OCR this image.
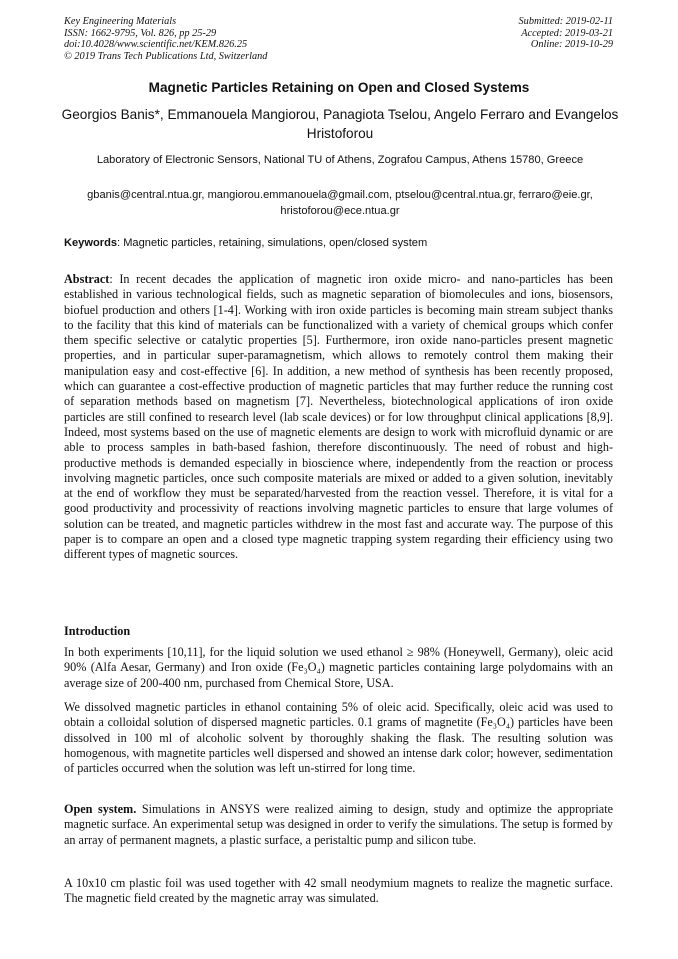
Key Engineering Materials
ISSN: 1662-9795, Vol. 826, pp 25-29
doi:10.4028/www.scientific.net/KEM.826.25
© 2019 Trans Tech Publications Ltd, Switzerland
Submitted: 2019-02-11
Accepted: 2019-03-21
Online: 2019-10-29
Magnetic Particles Retaining on Open and Closed Systems
Georgios Banis*, Emmanouela Mangiorou, Panagiota Tselou, Angelo Ferraro and Evangelos Hristoforou
Laboratory of Electronic Sensors, National TU of Athens, Zografou Campus, Athens 15780, Greece
gbanis@central.ntua.gr, mangiorou.emmanouela@gmail.com, ptselou@central.ntua.gr, ferraro@eie.gr, hristoforou@ece.ntua.gr
Keywords: Magnetic particles, retaining, simulations, open/closed system
Abstract: In recent decades the application of magnetic iron oxide micro- and nano-particles has been established in various technological fields, such as magnetic separation of biomolecules and ions, biosensors, biofuel production and others [1-4]. Working with iron oxide particles is becoming main stream subject thanks to the facility that this kind of materials can be functionalized with a variety of chemical groups which confer them specific selective or catalytic properties [5]. Furthermore, iron oxide nano-particles present magnetic properties, and in particular super-paramagnetism, which allows to remotely control them making their manipulation easy and cost-effective [6]. In addition, a new method of synthesis has been recently proposed, which can guarantee a cost-effective production of magnetic particles that may further reduce the running cost of separation methods based on magnetism [7]. Nevertheless, biotechnological applications of iron oxide particles are still confined to research level (lab scale devices) or for low throughput clinical applications [8,9]. Indeed, most systems based on the use of magnetic elements are design to work with microfluid dynamic or are able to process samples in bath-based fashion, therefore discontinuously. The need of robust and high-productive methods is demanded especially in bioscience where, independently from the reaction or process involving magnetic particles, once such composite materials are mixed or added to a given solution, inevitably at the end of workflow they must be separated/harvested from the reaction vessel. Therefore, it is vital for a good productivity and processivity of reactions involving magnetic particles to ensure that large volumes of solution can be treated, and magnetic particles withdrew in the most fast and accurate way. The purpose of this paper is to compare an open and a closed type magnetic trapping system regarding their efficiency using two different types of magnetic sources.
Introduction
In both experiments [10,11], for the liquid solution we used ethanol ≥ 98% (Honeywell, Germany), oleic acid 90% (Alfa Aesar, Germany) and Iron oxide (Fe₃O₄) magnetic particles containing large polydomains with an average size of 200-400 nm, purchased from Chemical Store, USA.
We dissolved magnetic particles in ethanol containing 5% of oleic acid. Specifically, oleic acid was used to obtain a colloidal solution of dispersed magnetic particles. 0.1 grams of magnetite (Fe₃O₄) particles have been dissolved in 100 ml of alcoholic solvent by thoroughly shaking the flask. The resulting solution was homogenous, with magnetite particles well dispersed and showed an intense dark color; however, sedimentation of particles occurred when the solution was left un-stirred for long time.
Open system. Simulations in ANSYS were realized aiming to design, study and optimize the appropriate magnetic surface. An experimental setup was designed in order to verify the simulations. The setup is formed by an array of permanent magnets, a plastic surface, a peristaltic pump and silicon tube.
A 10x10 cm plastic foil was used together with 42 small neodymium magnets to realize the magnetic surface. The magnetic field created by the magnetic array was simulated.
